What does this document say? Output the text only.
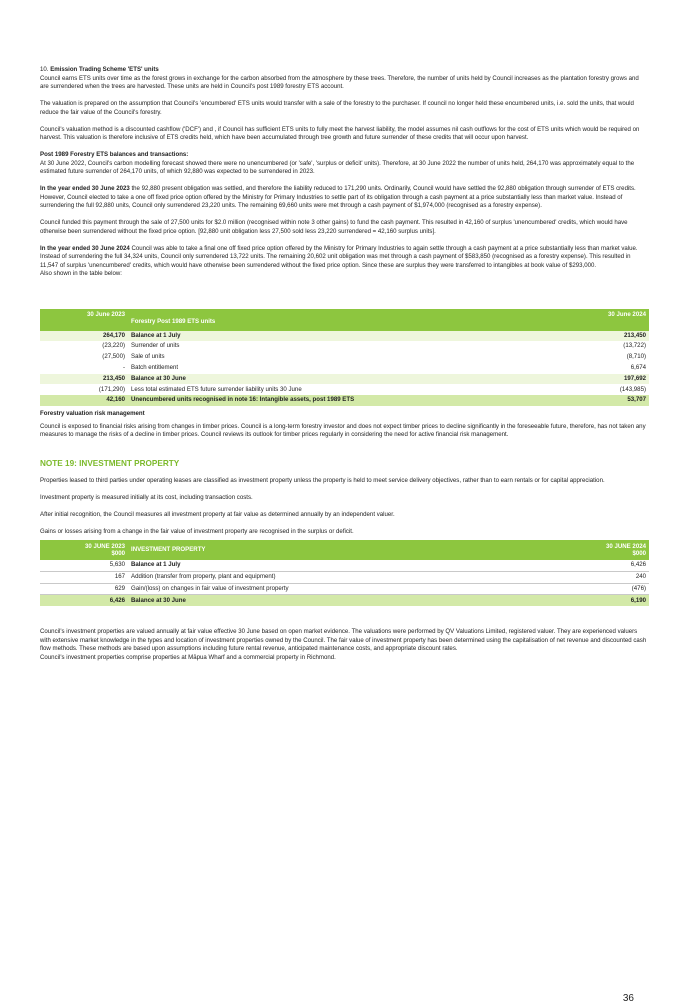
10. Emission Trading Scheme 'ETS' units

Council earns ETS units over time as the forest grows in exchange for the carbon absorbed from the atmosphere by these trees. Therefore, the number of units held by Council increases as the plantation forestry grows and are surrendered when the trees are harvested. These units are held in Council's post 1989 forestry ETS account.

The valuation is prepared on the assumption that Council's 'encumbered' ETS units would transfer with a sale of the forestry to the purchaser. If council no longer held these encumbered units, i.e. sold the units, that would reduce the fair value of the Council's forestry.

Council's valuation method is a discounted cashflow ('DCF') and , if Council has sufficient ETS units to fully meet the harvest liability, the model assumes nil cash outflows for the cost of ETS units which would be required on harvest. This valuation is therefore inclusive of ETS credits held, which have been accumulated through tree growth and future surrender of these credits that will occur upon harvest.

Post 1989 Forestry ETS balances and transactions:

At 30 June 2022, Council's carbon modelling forecast showed there were no unencumbered (or 'safe', 'surplus or deficit' units). Therefore, at 30 June 2022 the number of units held, 264,170 was approximately equal to the estimated future surrender of 264,170 units, of which 92,880 was expected to be surrendered in 2023.

In the year ended 30 June 2023 the 92,880 present obligation was settled, and therefore the liability reduced to 171,290 units. Ordinarily, Council would have settled the 92,880 obligation through surrender of ETS credits. However, Council elected to take a one off fixed price option offered by the Ministry for Primary Industries to settle part of its obligation through a cash payment at a price substantially less than market value. Instead of surrendering the full 92,880 units, Council only surrendered 23,220 units. The remaining 69,660 units were met through a cash payment of $1,974,000 (recognised as a forestry expense).

Council funded this payment through the sale of 27,500 units for $2.0 million (recognised within note 3 other gains) to fund the cash payment. This resulted in 42,160 of surplus 'unencumbered' credits, which would have otherwise been surrendered without the fixed price option. [92,880 unit obligation less 27,500 sold less 23,220 surrendered = 42,160 surplus units].

In the year ended 30 June 2024 Council was able to take a final one off fixed price option offered by the Ministry for Primary Industries to again settle through a cash payment at a price substantially less than market value. Instead of surrendering the full 34,324 units, Council only surrendered 13,722 units. The remaining 20,602 unit obligation was met through a cash payment of $583,850 (recognised as a forestry expense). This resulted in 11,547 of surplus 'unencumbered' credits, which would have otherwise been surrendered without the fixed price option. Since these are surplus they were transferred to intangibles at book value of $293,000.

Also shown in the table below:

30 June 2023	Forestry Post 1989 ETS units	30 June 2024
264,170	Balance at 1 July	213,450
(23,220)	Surrender of units	(13,722)
(27,500)	Sale of units	(8,710)
-	Batch entitlement	6,674
213,450	Balance at 30 June	197,692
(171,290)	Less total estimated ETS future surrender liability units 30 June	(143,985)
42,160	Unencumbered units recognised in note 16: Intangible assets, post 1989 ETS	53,707

Forestry valuation risk management

Council is exposed to financial risks arising from changes in timber prices. Council is a long-term forestry investor and does not expect timber prices to decline significantly in the foreseeable future, therefore, has not taken any measures to manage the risks of a decline in timber prices. Council reviews its outlook for timber prices regularly in considering the need for active financial risk management.

NOTE 19: INVESTMENT PROPERTY

Properties leased to third parties under operating leases are classified as investment property unless the property is held to meet service delivery objectives, rather than to earn rentals or for capital appreciation.

Investment property is measured initially at its cost, including transaction costs.

After initial recognition, the Council measures all investment property at fair value as determined annually by an independent valuer.

Gains or losses arising from a change in the fair value of investment property are recognised in the surplus or deficit.

30 JUNE 2023
$000	INVESTMENT PROPERTY	30 JUNE 2024
$000
5,630	Balance at 1 July	6,426
167	Addition (transfer from property, plant and equipment)	240
629	Gain/(loss) on changes in fair value of investment property	(476)
6,426	Balance at 30 June	6,190

Council's investment properties are valued annually at fair value effective 30 June based on open market evidence. The valuations were performed by QV Valuations Limited, registered valuer. They are experienced valuers with extensive market knowledge in the types and location of investment properties owned by the Council. The fair value of investment property has been determined using the capitalisation of net revenue and discounted cash flow methods. These methods are based upon assumptions including future rental revenue, anticipated maintenance costs, and appropriate discount rates.

Council's investment properties comprise properties at Māpua Wharf and a commercial property in Richmond.

36
